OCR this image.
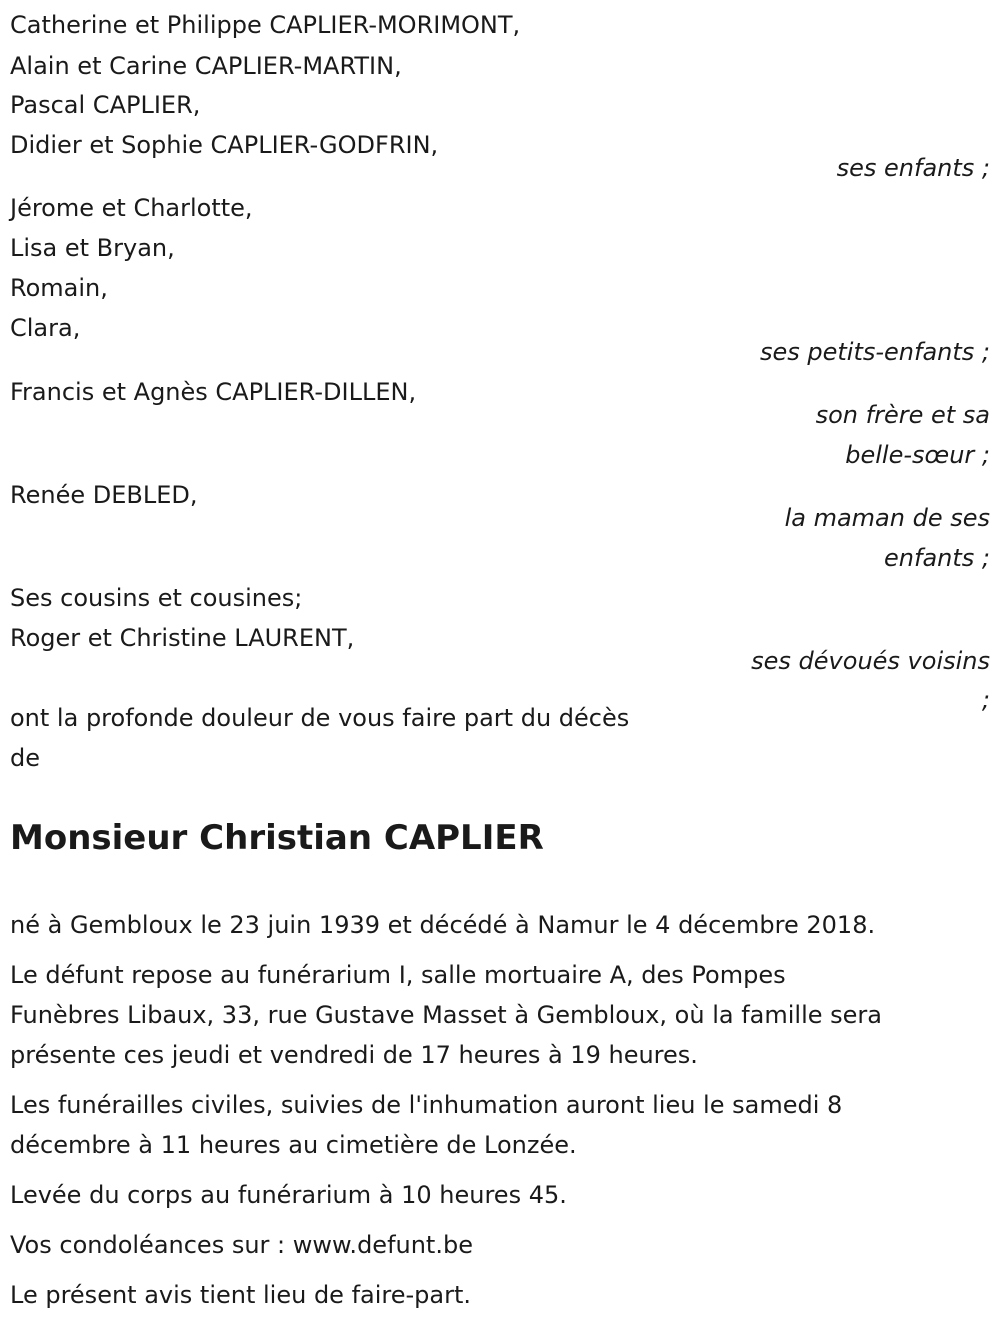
Catherine et Philippe CAPLIER-MORIMONT,
Alain et Carine CAPLIER-MARTIN,
Pascal CAPLIER,
Didier et Sophie CAPLIER-GODFRIN,
ses enfants ;
Jérome et Charlotte,
Lisa et Bryan,
Romain,
Clara,
ses petits-enfants ;
Francis et Agnès CAPLIER-DILLEN,
son frère et sa
belle-sœur ;
Renée DEBLED,
la maman de ses
enfants ;
Ses cousins et cousines;
Roger et Christine LAURENT,
ses dévoués voisins
;
ont la profonde douleur de vous faire part du décès
de
Monsieur Christian CAPLIER
né à Gembloux le 23 juin 1939 et décédé à Namur le 4 décembre 2018.
Le défunt repose au funérarium I, salle mortuaire A, des Pompes
Funèbres Libaux, 33, rue Gustave Masset à Gembloux, où la famille sera
présente ces jeudi et vendredi de 17 heures à 19 heures.
Les funérailles civiles, suivies de l'inhumation auront lieu le samedi 8
décembre à 11 heures au cimetière de Lonzée.
Levée du corps au funérarium à 10 heures 45.
Vos condoléances sur : www.defunt.be
Le présent avis tient lieu de faire-part.
